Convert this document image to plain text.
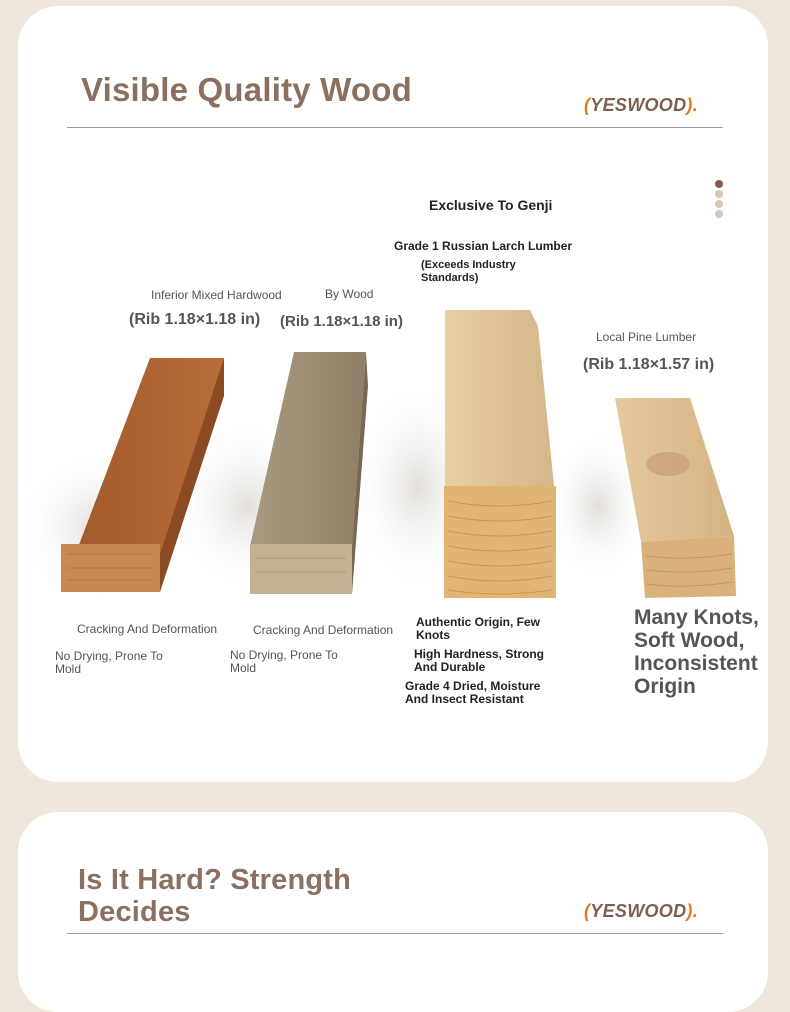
Visible Quality Wood	(YESWOOD).
Exclusive To Genji
Grade 1 Russian Larch Lumber
(Exceeds Industry Standards)
Inferior Mixed Hardwood
(Rib 1.18×1.18 in)
By Wood
(Rib 1.18×1.18 in)
Local Pine Lumber
(Rib 1.18×1.57 in)
Cracking And Deformation
No Drying, Prone To Mold
Cracking And Deformation
No Drying, Prone To Mold
Authentic Origin, Few Knots
High Hardness, Strong And Durable
Grade 4 Dried, Moisture And Insect Resistant
Many Knots, Soft Wood, Inconsistent Origin
Is It Hard? Strength Decides	(YESWOOD).
